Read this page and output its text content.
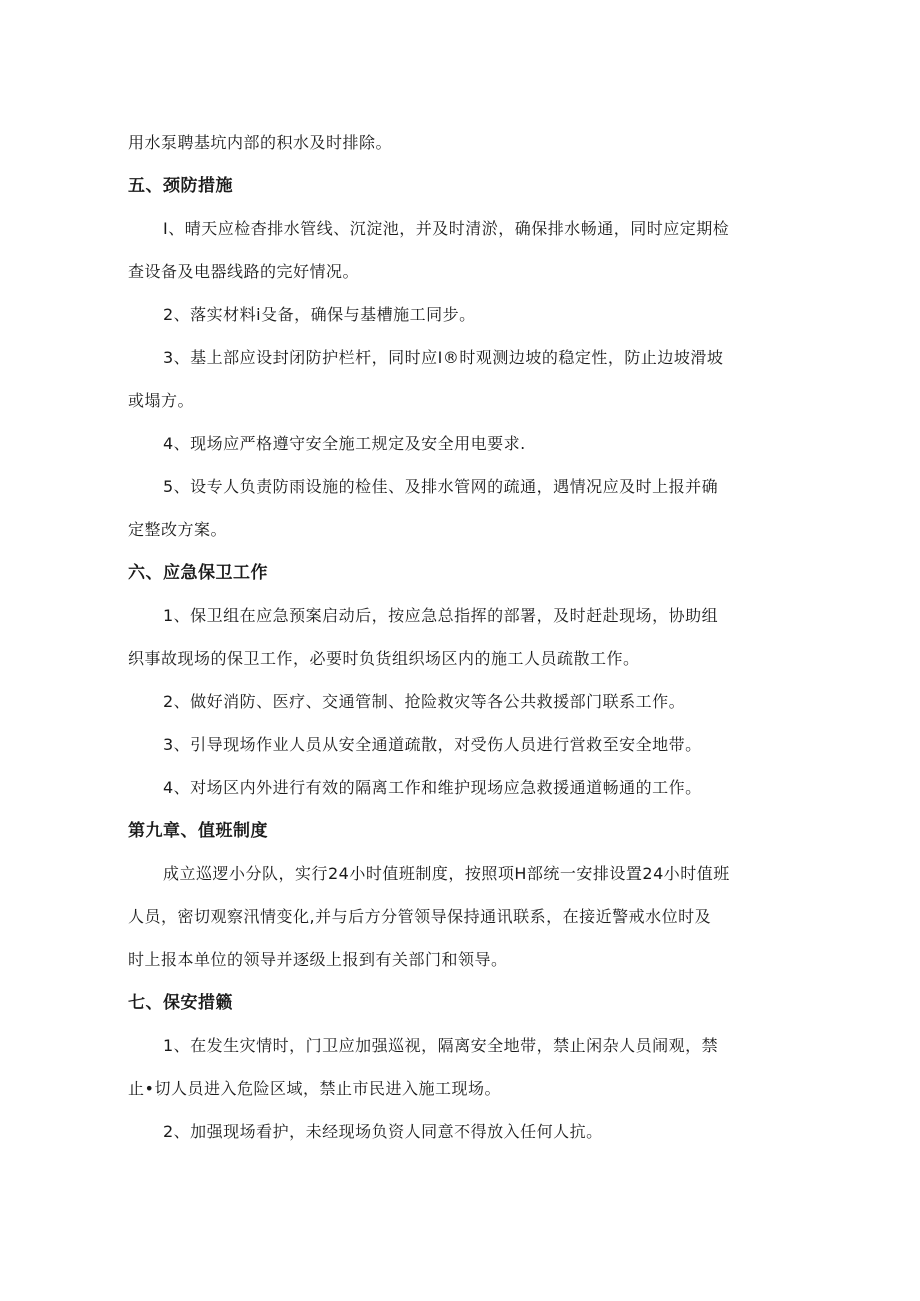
用水泵聘基坑内部的积水及时排除。
五、颈防措施
I、晴天应检杳排水管线、沉淀池，并及时清淤，确保排水畅通，同时应定期检
查设备及电器线路的完好情况。
2、落实材料i殳备，确保与基槽施工同步。
3、基上部应设封闭防护栏杆，同时应I®时观测边坡的稳定性，防止边坡滑坡
或塌方。
4、现场应严格遵守安全施工规定及安全用电要求.
5、设专人负责防雨设施的检佳、及排水管网的疏通，遇情况应及时上报并确
定整改方案。
六、应急保卫工作
1、保卫组在应急预案启动后，按应急总指挥的部署，及时赶赴现场，协助组
织事故现场的保卫工作，必要时负货组织场区内的施工人员疏散工作。
2、做好消防、医疗、交通管制、抢险救灾等各公共救援部门联系工作。
3、引导现场作业人员从安全通道疏散，对受伤人员进行営救至安全地带。
4、对场区内外进行有效的隔离工作和维护现场应急救援通道畅通的工作。
第九章、值班制度
成立巡逻小分队，实行24小时值班制度，按照项H部统一安排设置24小时值班
人员，密切观察汛情变化,并与后方分管领导保持通讯联系，在接近警戒水位时及
时上报本单位的领导并逐级上报到有关部门和领导。
七、保安措籁
1、在发生灾情时，门卫应加强巡视，隔离安全地带，禁止闲杂人员闹观，禁
止•切人员进入危险区域，禁止市民进入施工现场。
2、加强现场看护，未经现场负资人同意不得放入任何人抗。
